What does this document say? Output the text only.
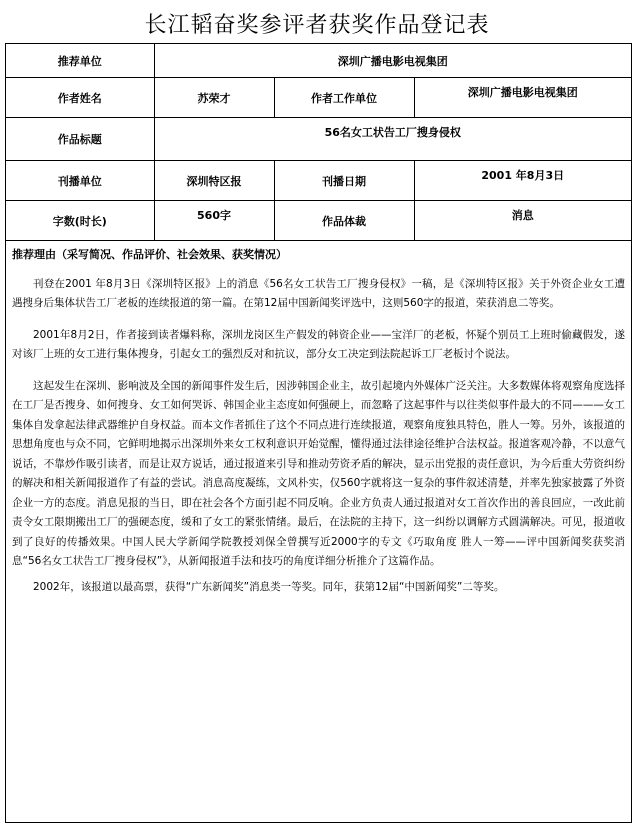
长江韬奋奖参评者获奖作品登记表
推荐单位	深圳广播电影电视集团		
作者姓名	苏荣才	作者工作单位	深圳广播电影电视集团
作品标题	56名女工状告工厂搜身侵权		
刊播单位	深圳特区报	刊播日期	2001 年8月3日
字数(时长)	560字	作品体裁	消息
推荐理由（采写简况、作品评价、社会效果、获奖情况）

刊登在2001 年8月3日《深圳特区报》上的消息《56名女工状告工厂搜身侵权》一稿，是《深圳特区报》关于外资企业女工遭遇搜身后集体状告工厂老板的连续报道的第一篇。在第12届中国新闻奖评选中，这则560字的报道，荣获消息二等奖。

2001年8月2日，作者接到读者爆料称，深圳龙岗区生产假发的韩资企业——宝洋厂的老板，怀疑个别员工上班时偷藏假发，遂对该厂上班的女工进行集体搜身，引起女工的强烈反对和抗议，部分女工决定到法院起诉工厂老板讨个说法。

这起发生在深圳、影响波及全国的新闻事件发生后，因涉韩国企业主，故引起境内外媒体广泛关注。大多数媒体将观察角度选择在工厂是否搜身、如何搜身、女工如何哭诉、韩国企业主态度如何强硬上，而忽略了这起事件与以往类似事件最大的不同———女工集体自发拿起法律武器维护自身权益。而本文作者抓住了这个不同点进行连续报道，观察角度独具特色，胜人一筹。另外，该报道的思想角度也与众不同，它鲜明地揭示出深圳外来女工权利意识开始觉醒，懂得通过法律途径维护合法权益。报道客观冷静，不以意气说话，不靠炒作吸引读者，而是让双方说话，通过报道来引导和推动劳资矛盾的解决，显示出党报的责任意识，为今后重大劳资纠纷的解决和相关新闻报道作了有益的尝试。消息高度凝练，文风朴实，仅560字就将这一复杂的事件叙述清楚，并率先独家披露了外资企业一方的态度。消息见报的当日，即在社会各个方面引起不同反响。企业方负责人通过报道对女工首次作出的善良回应，一改此前责令女工限期搬出工厂的强硬态度，缓和了女工的紧张情绪。最后，在法院的主持下，这一纠纷以调解方式圆满解决。可见，报道收到了良好的传播效果。中国人民大学新闻学院教授刘保全曾撰写近2000字的专文《巧取角度 胜人一筹——评中国新闻奖获奖消息“56名女工状告工厂搜身侵权”》，从新闻报道手法和技巧的角度详细分析推介了这篇作品。

2002年，该报道以最高票，获得“广东新闻奖”消息类一等奖。同年，获第12届“中国新闻奖”二等奖。
